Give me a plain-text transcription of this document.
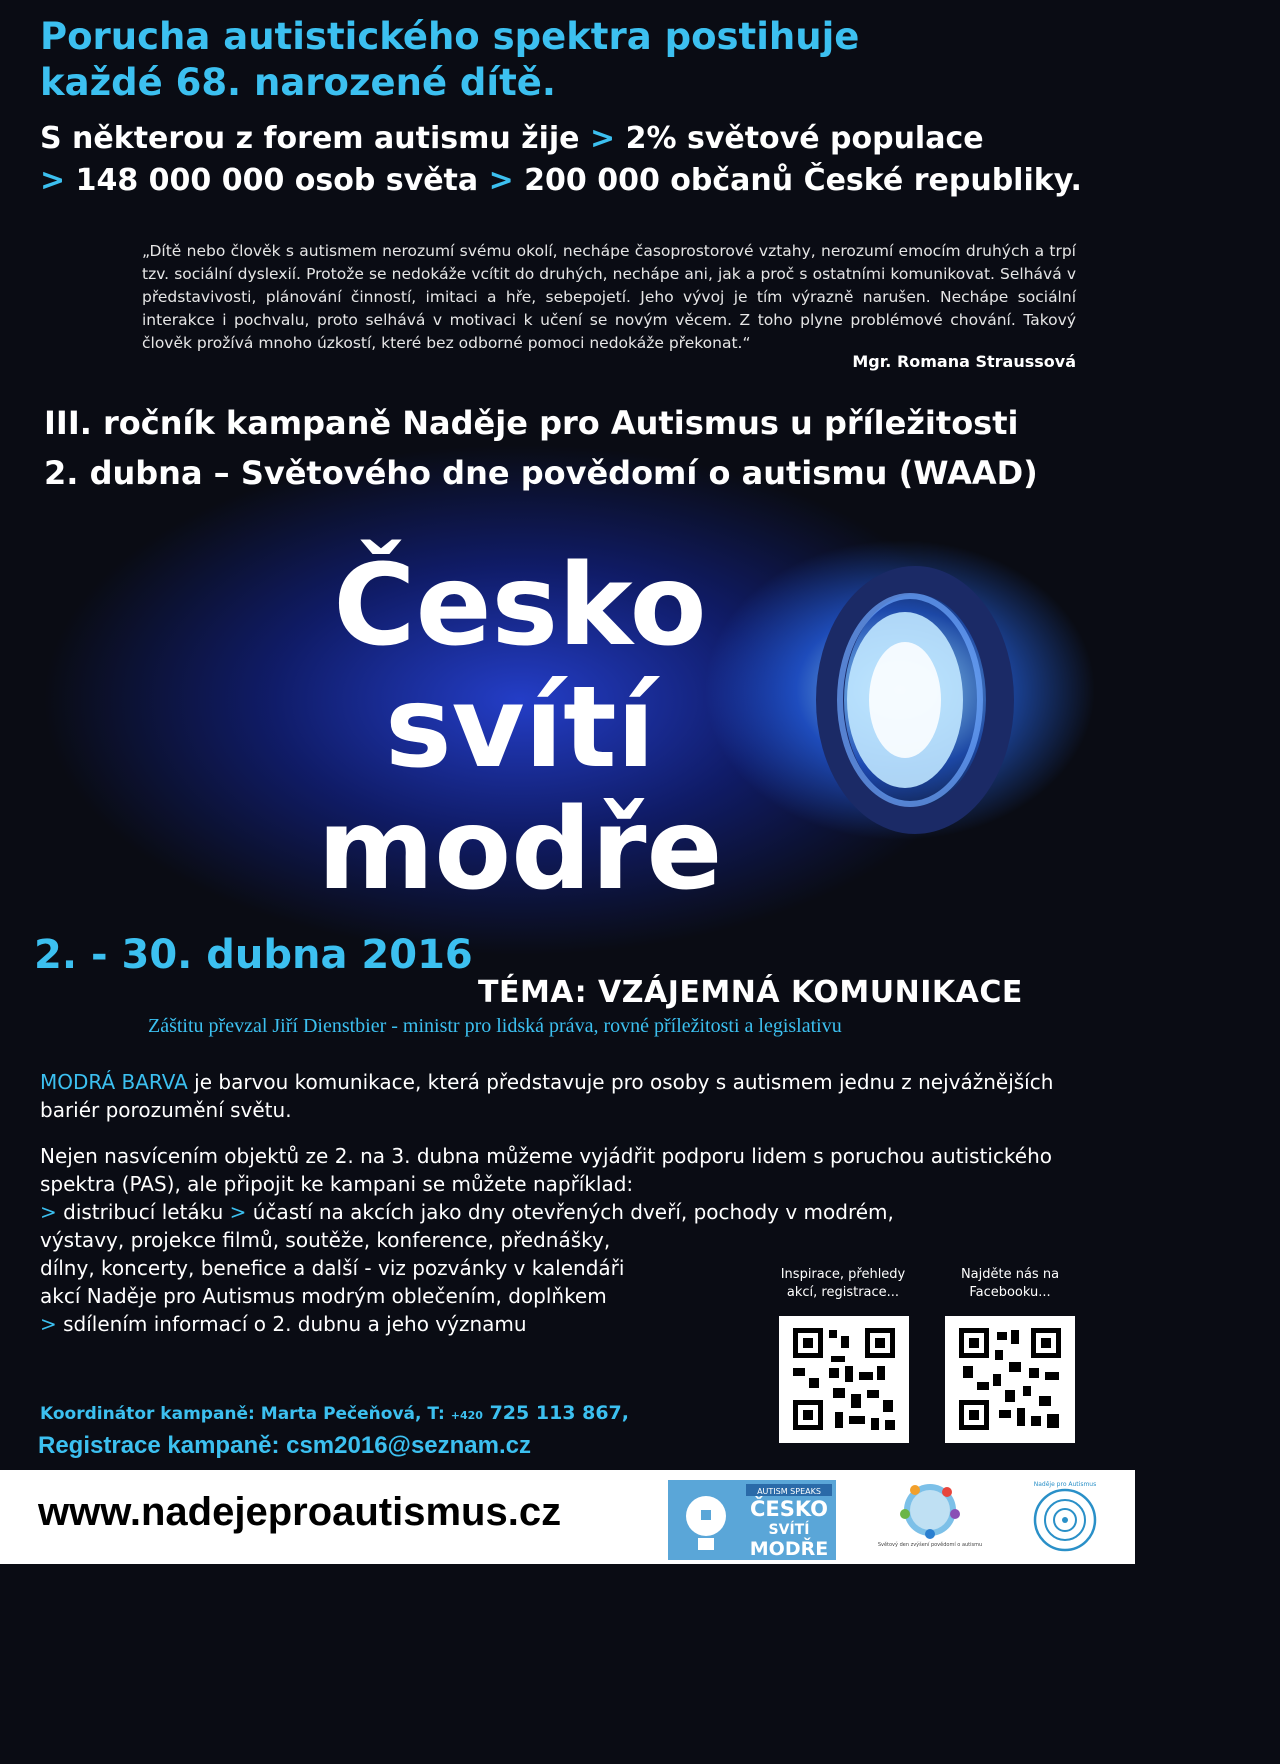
Porucha autistického spektra postihuje
každé 68. narozené dítě.
S některou z forem autismu žije > 2% světové populace
> 148 000 000 osob světa > 200 000 občanů České republiky.
„Dítě nebo člověk s autismem nerozumí svému okolí, nechápe časoprostorové vztahy, nerozumí emocím druhých a trpí tzv. sociální dyslexií. Protože se nedokáže vcítit do druhých, nechápe ani, jak a proč s ostatními komunikovat. Selhává v představivosti, plánování činností, imitaci a hře, sebepojetí. Jeho vývoj je tím výrazně narušen. Nechápe sociální interakce i pochvalu, proto selhává v motivaci k učení se novým věcem. Z toho plyne problémové chování. Takový člověk prožívá mnoho úzkostí, které bez odborné pomoci nedokáže překonat.“
Mgr. Romana Straussová
III. ročník kampaně Naděje pro Autismus u příležitosti
2. dubna – Světového dne povědomí o autismu (WAAD)
Česko
svítí
modře
2. - 30. dubna 2016
TÉMA: VZÁJEMNÁ KOMUNIKACE
Záštitu převzal Jiří Dienstbier - ministr pro lidská práva, rovné příležitosti a legislativu

MODRÁ BARVA je barvou komunikace, která představuje pro osoby s autismem jednu z nejvážnějších bariér porozumění světu.

Nejen nasvícením objektů ze 2. na 3. dubna můžeme vyjádřit podporu lidem s poruchou autistického spektra (PAS), ale připojit ke kampani se můžete například:
> distribucí letáku > účastí na akcích jako dny otevřených dveří, pochody v modrém,
výstavy, projekce filmů, soutěže, konference, přednášky,
dílny, koncerty, benefice a další - viz pozvánky v kalendáři
akcí Naděje pro Autismus modrým oblečením, doplňkem
> sdílením informací o 2. dubnu a jeho významu
Inspirace, přehledy akcí, registrace...
Najděte nás na Facebooku...
Koordinátor kampaně: Marta Pečeňová, T: +420 725 113 867,
Registrace kampaně: csm2016@seznam.cz
www.nadejeproautismus.cz	AUTISM SPEAKS
ČESKO
SVÍTÍ
MODŘE	Světový den zvýšení povědomí o autismu
Naděje pro Autismus
